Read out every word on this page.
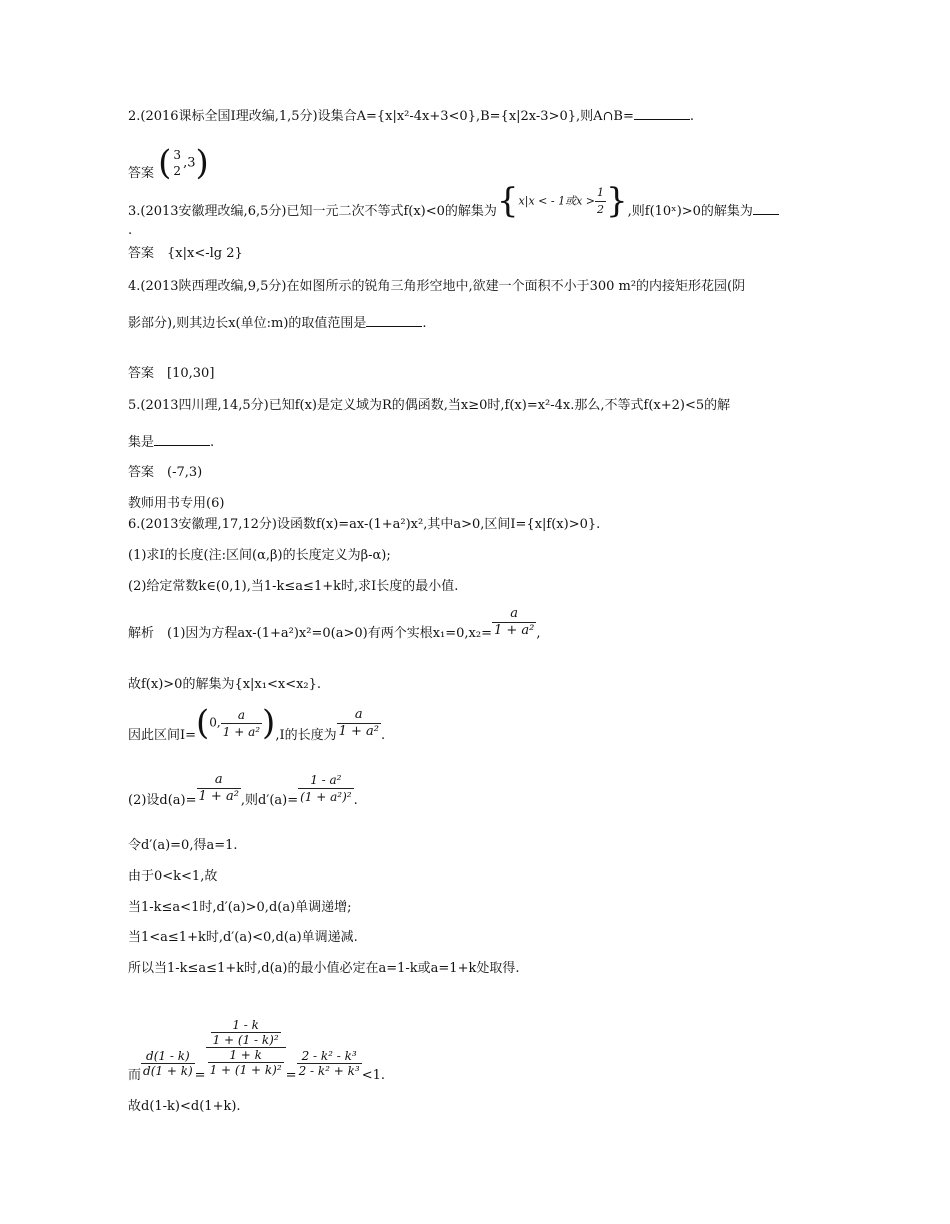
2.(2016课标全国Ⅰ理改编,1,5分)设集合A={x|x²-4x+3<0},B={x|2x-3>0},则A∩B=	.
答案 ( 3
2
,3)
3.(2013安徽理改编,6,5分)已知一元二次不等式f(x)<0的解集为{x|x < - 1或$x > \frac{1}{2}$ },则f(10ˣ)>0的解集为
.
答案　 {x|x<-lg 2}
4.(2013陕西理改编,9,5分)在如图所示的锐角三角形空地中,欲建一个面积不小于300 m²的内接矩形花园(阴
影部分),则其边长x(单位:m)的取值范围是	.
答案　 [10,30]
5.(2013四川理,14,5分)已知f(x)是定义域为R的偶函数,当x≥0时,f(x)=x²-4x.那么,不等式f(x+2)<5的解
集是	.
答案　 (-7,3)
教师用书专用(6)
6.(2013安徽理,17,12分)设函数f(x)=ax-(1+a²)x²,其中a>0,区间I={x|f(x)>0}.
(1)求I的长度(注:区间(α,β)的长度定义为β-α);
(2)给定常数k∈(0,1),当1-k≤a≤1+k时,求I长度的最小值.
解析　(1)因为方程ax-(1+a²)x²=0(a>0)有两个实根$x_1=0,x_2= \frac{a}{\text{1 + a²}}$ ,
故f(x)>0的解集为{x|x₁<x<x₂}.
因此区间I=(0, $\frac{a}{\text{1 + a²}} ),I$的长度为 $\frac{a}{\text{1 + a²}}$ .
(2)设$d(a)= \frac{a}{\text{1 + a²}}$ ,则$d'(a)= \frac{\text{1 - a²}}{\text{(1 + a²)²}}$ .
令d′(a)=0,得a=1.
由于0<k<1,故
当1-k≤a<1时,d′(a)>0,d(a)单调递增;
当1<a≤1+k时,d′(a)<0,d(a)单调递减.
所以当1-k≤a≤1+k时,d(a)的最小值必定在a=1-k或a=1+k处取得.
而 $\frac{d(1 - k)}{d(1 + k)} = \frac{\frac{1 - k}{\text{1 + (1 - k)²}}}{\frac{1 + k}{\text{1 + (1 + k)²}}} = \frac{\text{2 - k² - k³}}{\text{2 - k² + k³}} <1$.
故d(1-k)<d(1+k).
